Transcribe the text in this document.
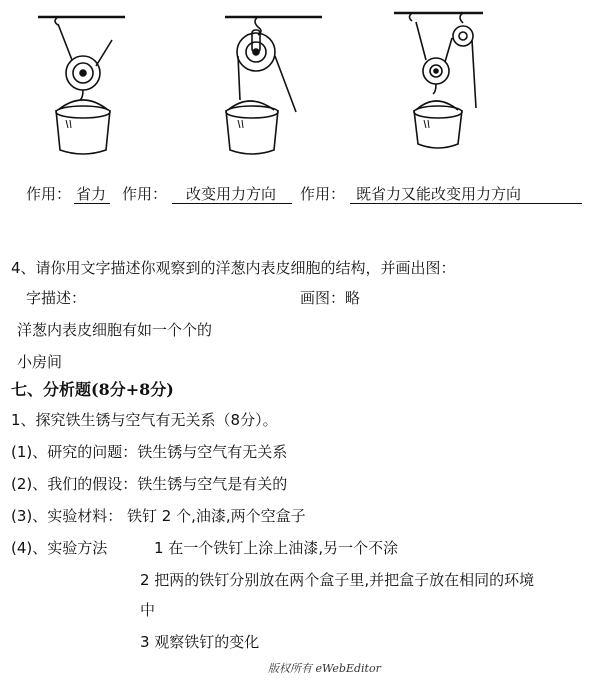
作用： 省力 作用： 改变用力方向 作用： 既省力又能改变用力方向
4、请你用文字描述你观察到的洋葱内表皮细胞的结构，并画出图：
字描述：	画图：略
洋葱内表皮细胞有如一个个的
小房间
七、分析题(8分+8分)
1、探究铁生锈与空气有无关系（8分）。
(1)、研究的问题：铁生锈与空气有无关系
(2)、我们的假设：铁生锈与空气是有关的
(3)、实验材料： 铁钉 2 个,油漆,两个空盒子
(4)、实验方法	1 在一个铁钉上涂上油漆,另一个不涂
2 把两的铁钉分别放在两个盒子里,并把盒子放在相同的环境
中
3 观察铁钉的变化
版权所有 eWebEditor
